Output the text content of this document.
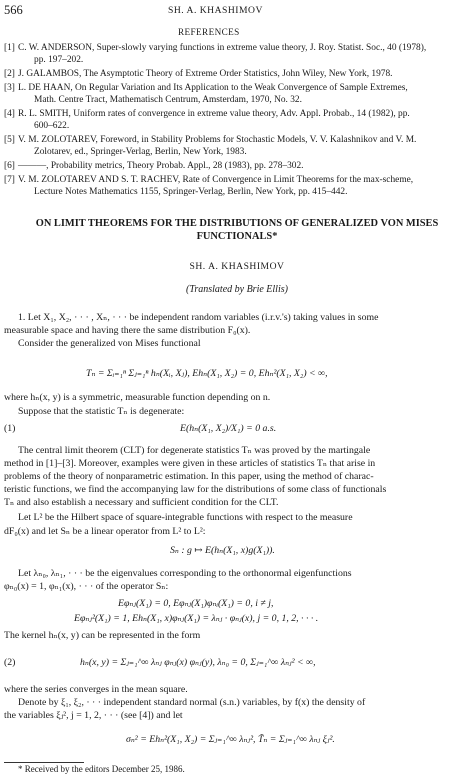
566	SH. A. KHASHIMOV
REFERENCES
[1] C. W. ANDERSON, Super-slowly varying functions in extreme value theory, J. Roy. Statist. Soc., 40 (1978),
pp. 197–202.
[2] J. GALAMBOS, The Asymptotic Theory of Extreme Order Statistics, John Wiley, New York, 1978.
[3] L. DE HAAN, On Regular Variation and Its Application to the Weak Convergence of Sample Extremes,
Math. Centre Tract, Mathematisch Centrum, Amsterdam, 1970, No. 32.
[4] R. L. SMITH, Uniform rates of convergence in extreme value theory, Adv. Appl. Probab., 14 (1982), pp.
600–622.
[5] V. M. ZOLOTAREV, Foreword, in Stability Problems for Stochastic Models, V. V. Kalashnikov and V. M.
Zolotarev, ed., Springer-Verlag, Berlin, New York, 1983.
[6] ———, Probability metrics, Theory Probab. Appl., 28 (1983), pp. 278–302.
[7] V. M. ZOLOTAREV AND S. T. RACHEV, Rate of Convergence in Limit Theorems for the max-scheme,
Lecture Notes Mathematics 1155, Springer-Verlag, Berlin, New York, pp. 415–442.
ON LIMIT THEOREMS FOR THE DISTRIBUTIONS OF GENERALIZED VON MISES FUNCTIONALS*
SH. A. KHASHIMOV
(Translated by Brie Ellis)
1. Let X₁, X₂, · · · , Xₙ, · · · be independent random variables (i.r.v.'s) taking values in some
measurable space and having there the same distribution F₀(x).
Consider the generalized von Mises functional
Tₙ = Σᵢ₌₁ⁿ Σⱼ₌₁ⁿ hₙ(Xᵢ, Xⱼ), Ehₙ(X₁, X₂) = 0, Ehₙ²(X₁, X₂) < ∞,
where hₙ(x, y) is a symmetric, measurable function depending on n.
Suppose that the statistic Tₙ is degenerate:
(1)	E(hₙ(X₁, X₂)/X₁) = 0 a.s.
The central limit theorem (CLT) for degenerate statistics Tₙ was proved by the martingale
method in [1]–[3]. Moreover, examples were given in these articles of statistics Tₙ that arise in
problems of the theory of nonparametric estimation. In this paper, using the method of charac-
teristic functions, we find the accompanying law for the distributions of some class of functionals
Tₙ and also establish a necessary and sufficient condition for the CLT.
Let L² be the Hilbert space of square-integrable functions with respect to the measure
dF₀(x) and let Sₙ be a linear operator from L² to L²:
Sₙ : g ↦ E(hₙ(X₁, x)g(X₁)).
Let λₙ₀, λₙ₁, · · · be the eigenvalues corresponding to the orthonormal eigenfunctions
φₙ₀(x) = 1, φₙ₁(x), · · · of the operator Sₙ:
Eφₙⱼ(X₁) = 0, Eφₙⱼ(X₁)φₙᵢ(X₁) = 0, i ≠ j,
Eφₙⱼ²(X₁) = 1, Ehₙ(X₁, x)φₙⱼ(X₁) = λₙⱼ · φₙⱼ(x), j = 0, 1, 2, · · · .
The kernel hₙ(x, y) can be represented in the form
(2)	hₙ(x, y) = Σⱼ₌₁^∞ λₙⱼ φₙⱼ(x) φₙⱼ(y), λₙ₀ = 0, Σⱼ₌₁^∞ λₙⱼ² < ∞,
where the series converges in the mean square.
Denote by ξ₁, ξ₂, · · · independent standard normal (s.n.) variables, by f(x) the density of
the variables ξⱼ², j = 1, 2, · · · (see [4]) and let
σₙ² = Ehₙ²(X₁, X₂) = Σⱼ₌₁^∞ λₙⱼ², T̃ₙ = Σⱼ₌₁^∞ λₙⱼ ξⱼ².
* Received by the editors December 25, 1986.
